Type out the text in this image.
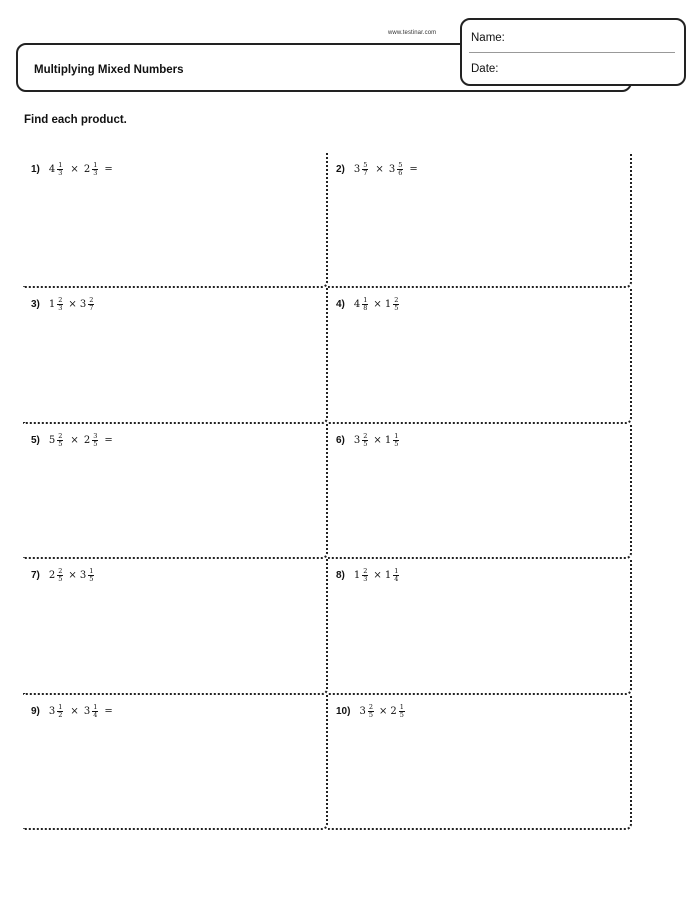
www.testinar.com
Multiplying Mixed Numbers
Name:
Date:
Find each product.
1) $4 \frac{1}{3} \times 2 \frac{1}{3}$ =	2) $3 \frac{5}{7} \times 3 \frac{5}{6}$ =
3) $1 \frac{2}{3} \times 3 \frac{2}{7}$	4) $4 \frac{1}{8} \times 1 \frac{2}{5}$
5) $5 \frac{2}{5} \times 2 \frac{3}{5}$ =	6) $3 \frac{2}{5} \times 1 \frac{1}{5}$
7) $2 \frac{2}{5} \times 3 \frac{1}{5}$	8) $1 \frac{2}{3} \times 1 \frac{1}{4}$
9) $3 \frac{1}{2} \times 3 \frac{1}{4}$ =	10) $3 \frac{2}{5} \times 2 \frac{1}{5}$
